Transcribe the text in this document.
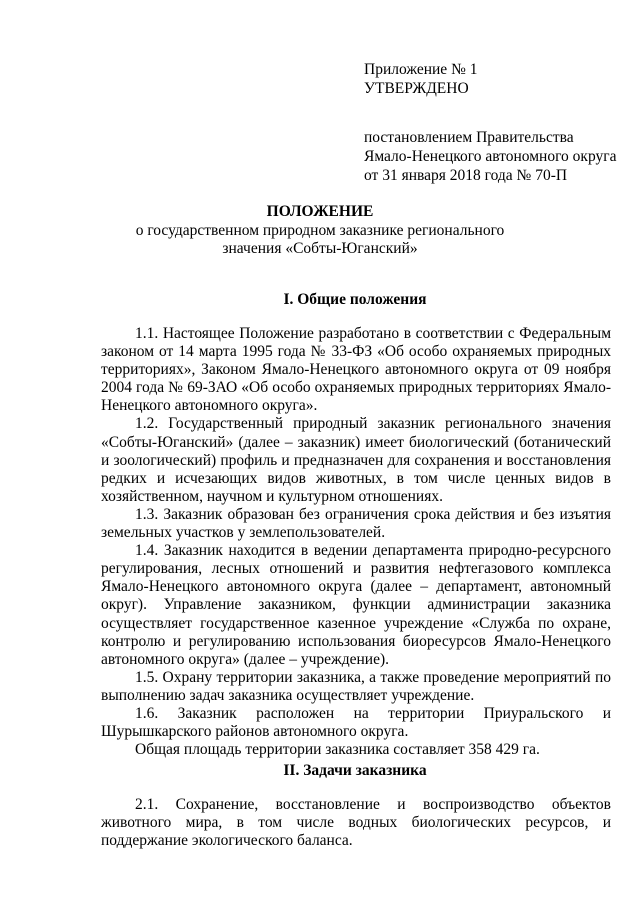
Приложение № 1
УТВЕРЖДЕНО
постановлением Правительства
Ямало-Ненецкого автономного округа
от 31 января 2018 года № 70-П
ПОЛОЖЕНИЕ
о государственном природном заказнике регионального
значения «Собты-Юганский»
I. Общие положения

1.1. Настоящее Положение разработано в соответствии с Федеральным законом от 14 марта 1995 года № 33-ФЗ «Об особо охраняемых природных территориях», Законом Ямало-Ненецкого автономного округа от 09 ноября 2004 года № 69-ЗАО «Об особо охраняемых природных территориях Ямало-Ненецкого автономного округа».

1.2. Государственный природный заказник регионального значения «Собты-Юганский» (далее – заказник) имеет биологический (ботанический и зоологический) профиль и предназначен для сохранения и восстановления редких и исчезающих видов животных, в том числе ценных видов в хозяйственном, научном и культурном отношениях.

1.3. Заказник образован без ограничения срока действия и без изъятия земельных участков у землепользователей.

1.4. Заказник находится в ведении департамента природно-ресурсного регулирования, лесных отношений и развития нефтегазового комплекса Ямало-Ненецкого автономного округа (далее – департамент, автономный округ). Управление заказником, функции администрации заказника осуществляет государственное казенное учреждение «Служба по охране, контролю и регулированию использования биоресурсов Ямало-Ненецкого автономного округа» (далее – учреждение).

1.5. Охрану территории заказника, а также проведение мероприятий по выполнению задач заказника осуществляет учреждение.

1.6. Заказник расположен на территории Приуральского и Шурышкарского районов автономного округа.

Общая площадь территории заказника составляет 358 429 га.

II. Задачи заказника

2.1. Сохранение, восстановление и воспроизводство объектов животного мира, в том числе водных биологических ресурсов, и поддержание экологического баланса.
